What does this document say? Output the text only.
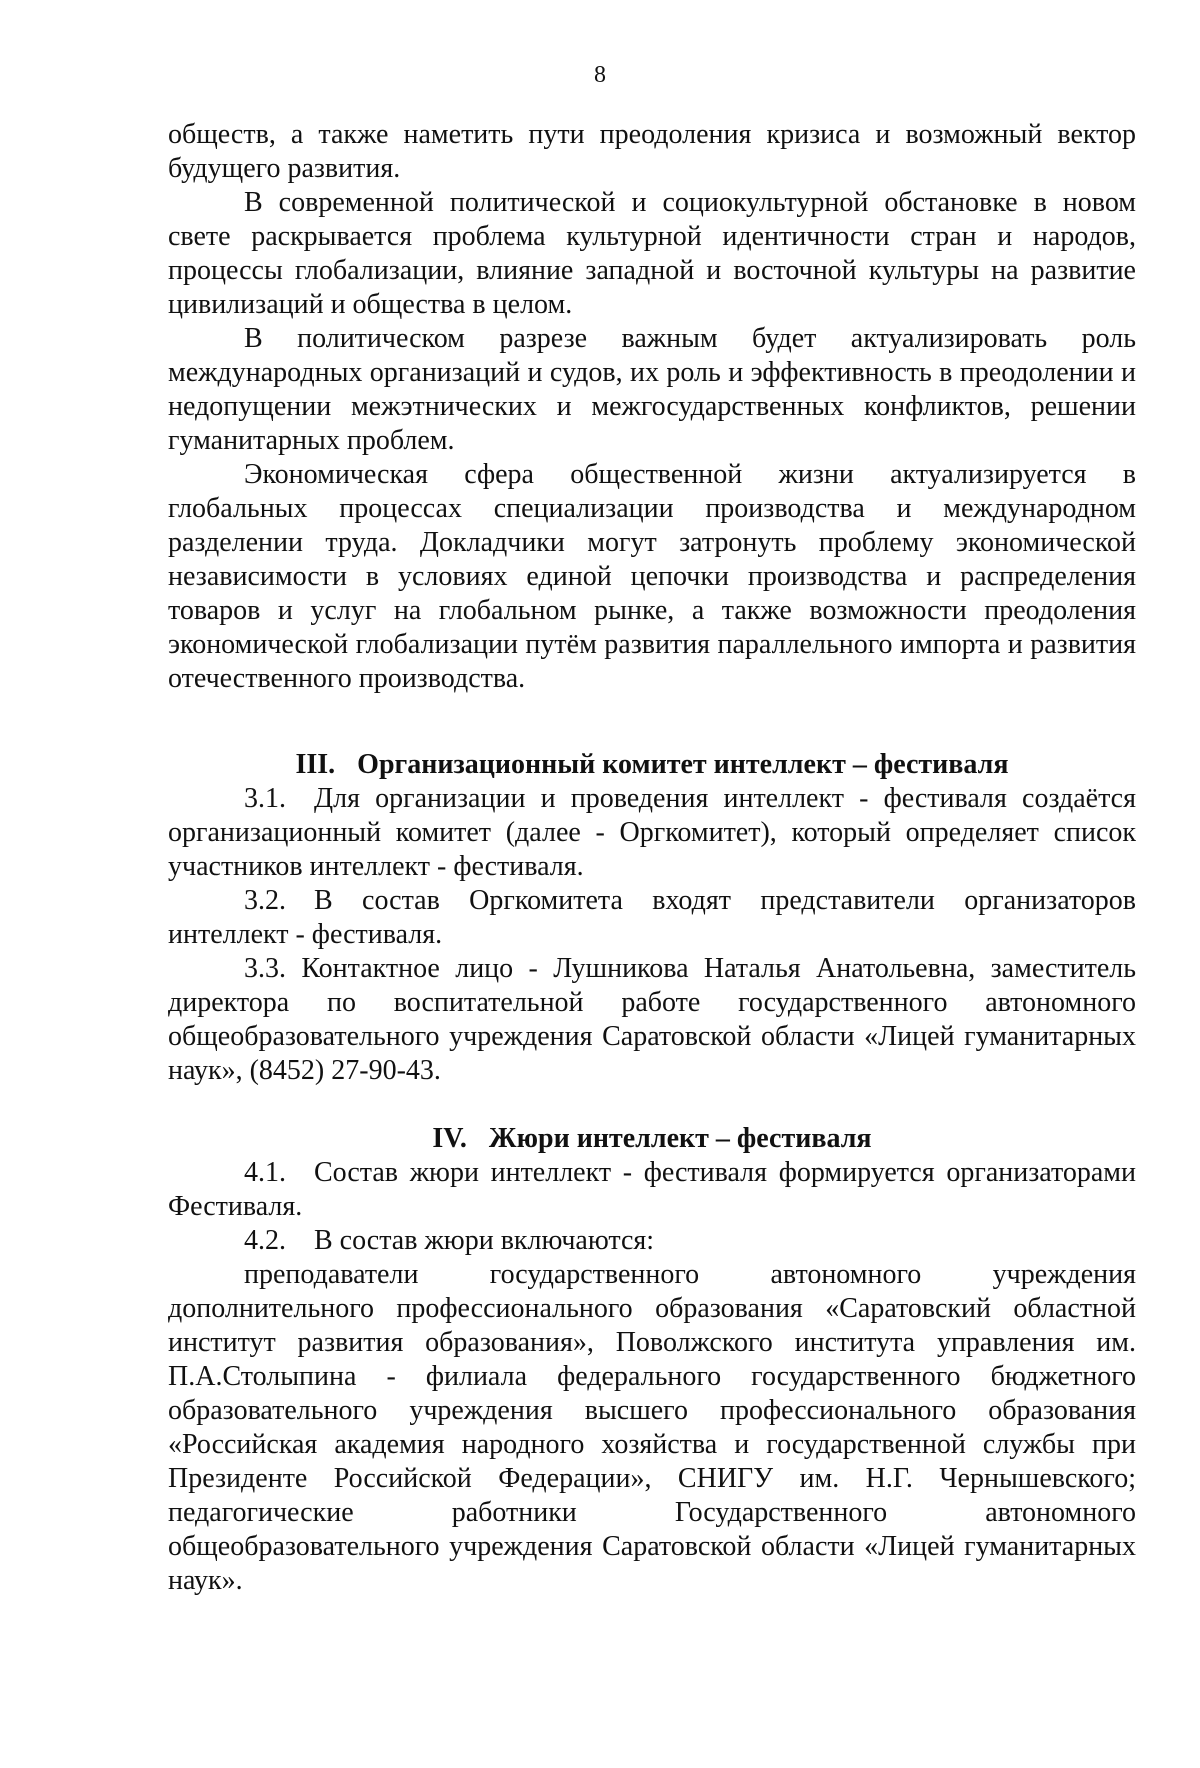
8

обществ, а также наметить пути преодоления кризиса и возможный вектор будущего развития.

В современной политической и социокультурной обстановке в новом свете раскрывается проблема культурной идентичности стран и народов, процессы глобализации, влияние западной и восточной культуры на развитие цивилизаций и общества в целом.

В политическом разрезе важным будет актуализировать роль международных организаций и судов, их роль и эффективность в преодолении и недопущении межэтнических и межгосударственных конфликтов, решении гуманитарных проблем.

Экономическая сфера общественной жизни актуализируется в глобальных процессах специализации производства и международном разделении труда. Докладчики могут затронуть проблему экономической независимости в условиях единой цепочки производства и распределения товаров и услуг на глобальном рынке, а также возможности преодоления экономической глобализации путём развития параллельного импорта и развития отечественного производства.

III. Организационный комитет интеллект – фестиваля

3.1. Для организации и проведения интеллект - фестиваля создаётся организационный комитет (далее - Оргкомитет), который определяет список участников интеллект - фестиваля.

3.2. В состав Оргкомитета входят представители организаторов интеллект - фестиваля.

3.3. Контактное лицо - Лушникова Наталья Анатольевна, заместитель директора по воспитательной работе государственного автономного общеобразовательного учреждения Саратовской области «Лицей гуманитарных наук», (8452) 27-90-43.

IV. Жюри интеллект – фестиваля

4.1. Состав жюри интеллект - фестиваля формируется организаторами Фестиваля.

4.2. В состав жюри включаются:

преподаватели государственного автономного учреждения дополнительного профессионального образования «Саратовский областной институт развития образования», Поволжского института управления им. П.А.Столыпина - филиала федерального государственного бюджетного образовательного учреждения высшего профессионального образования «Российская академия народного хозяйства и государственной службы при Президенте Российской Федерации», СНИГУ им. Н.Г. Чернышевского; педагогические работники Государственного автономного общеобразовательного учреждения Саратовской области «Лицей гуманитарных наук».
